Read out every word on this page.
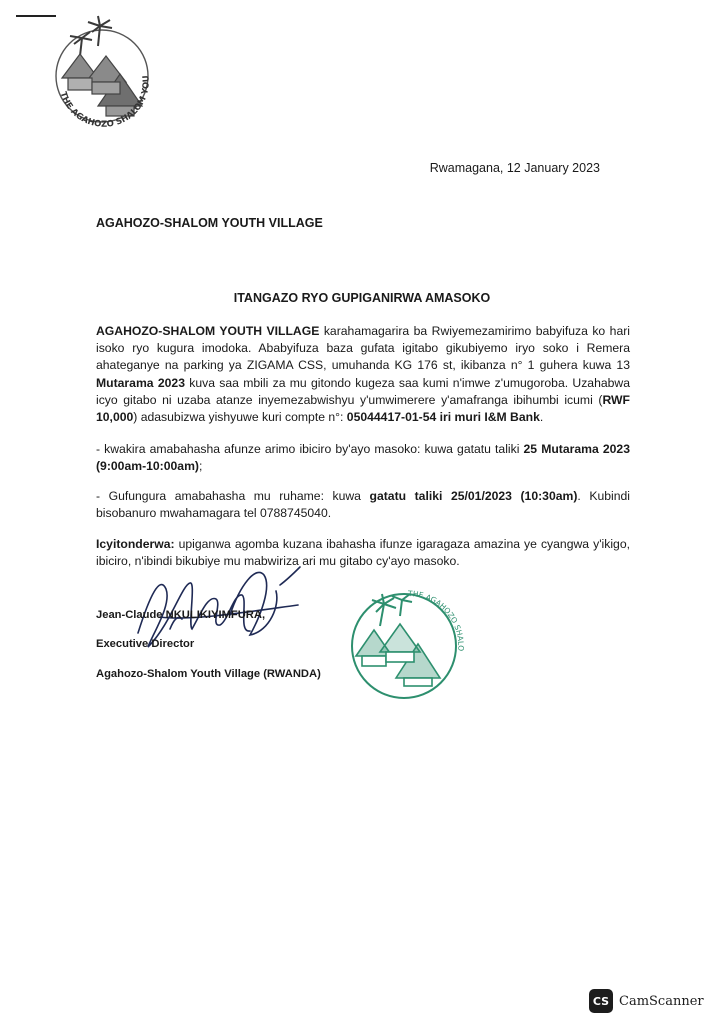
THE AGAHOZO SHALOM YOU
Rwamagana, 12 January 2023
AGAHOZO-SHALOM YOUTH VILLAGE
ITANGAZO RYO GUPIGANIRWA AMASOKO
AGAHOZO-SHALOM YOUTH VILLAGE karahamagarira ba Rwiyemezamirimo babyifuza ko hari isoko ryo kugura imodoka. Ababyifuza baza gufata igitabo gikubiyemo iryo soko i Remera ahateganye na parking ya ZIGAMA CSS, umuhanda KG 176 st, ikibanza n° 1 guhera kuwa 13 Mutarama 2023 kuva saa mbili za mu gitondo kugeza saa kumi n'imwe z'umugoroba. Uzahabwa icyo gitabo ni uzaba atanze inyemezabwishyu y'umwimerere y'amafranga ibihumbi icumi (RWF 10,000) adasubizwa yishyuwe kuri compte n°: 05044417-01-54 iri muri I&M Bank.
- kwakira amabahasha afunze arimo ibiciro by'ayo masoko: kuwa gatatu taliki 25 Mutarama 2023 (9:00am-10:00am);
- Gufungura amabahasha mu ruhame: kuwa gatatu taliki 25/01/2023 (10:30am). Kubindi bisobanuro mwahamagara tel 0788745040.
Icyitonderwa: upiganwa agomba kuzana ibahasha ifunze igaragaza amazina ye cyangwa y'ikigo, ibiciro, n'ibindi bikubiye mu mabwiriza ari mu gitabo cy'ayo masoko.
Jean-Claude NKULIKIYIMFURA,
Executive Director
Agahozo-Shalom Youth Village (RWANDA)
THE AGAHOZO SHALO
CS CamScanner
